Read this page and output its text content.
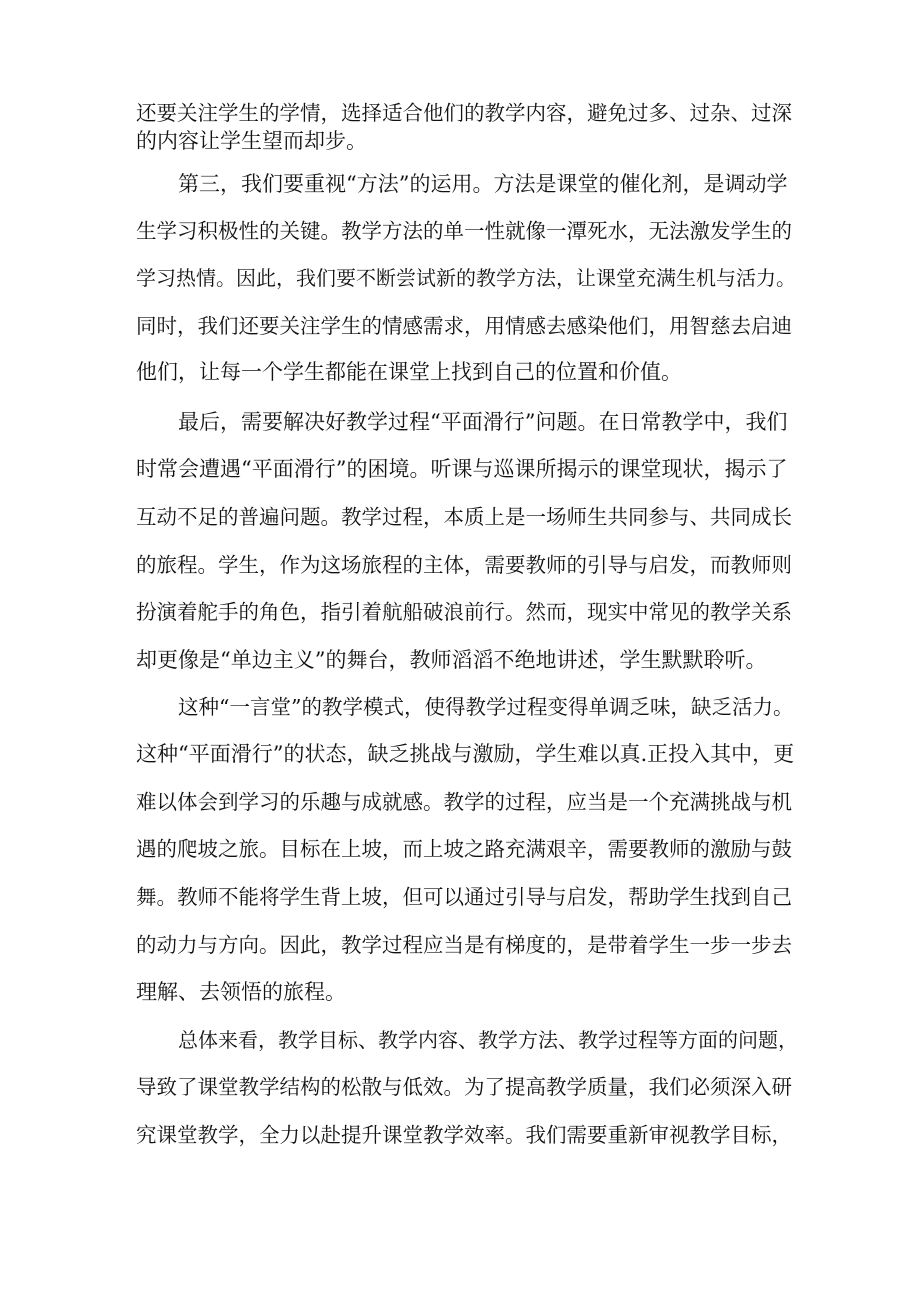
还要关注学生的学情，选择适合他们的教学内容，避免过多、过杂、过深
的内容让学生望而却步。
第三，我们要重视“方法”的运用。方法是课堂的催化剂，是调动学
生学习积极性的关键。教学方法的单一性就像一潭死水，无法激发学生的
学习热情。因此，我们要不断尝试新的教学方法，让课堂充满生机与活力。
同时，我们还要关注学生的情感需求，用情感去感染他们，用智慈去启迪
他们，让每一个学生都能在课堂上找到自己的位置和价值。
最后，需要解决好教学过程“平面滑行”问题。在日常教学中，我们
时常会遭遇“平面滑行”的困境。听课与巡课所揭示的课堂现状，揭示了
互动不足的普遍问题。教学过程，本质上是一场师生共同参与、共同成长
的旅程。学生，作为这场旅程的主体，需要教师的引导与启发，而教师则
扮演着舵手的角色，指引着航船破浪前行。然而，现实中常见的教学关系
却更像是“单边主义”的舞台，教师滔滔不绝地讲述，学生默默聆听。
这种“一言堂”的教学模式，使得教学过程变得单调乏味，缺乏活力。
这种“平面滑行”的状态，缺乏挑战与激励，学生难以真.正投入其中，更
难以体会到学习的乐趣与成就感。教学的过程，应当是一个充满挑战与机
遇的爬坡之旅。目标在上坡，而上坡之路充满艰辛，需要教师的激励与鼓
舞。教师不能将学生背上坡，但可以通过引导与启发，帮助学生找到自己
的动力与方向。因此，教学过程应当是有梯度的，是带着学生一步一步去
理解、去领悟的旅程。
总体来看，教学目标、教学内容、教学方法、教学过程等方面的问题，
导致了课堂教学结构的松散与低效。为了提高教学质量，我们必须深入研
究课堂教学，全力以赴提升课堂教学效率。我们需要重新审视教学目标，
